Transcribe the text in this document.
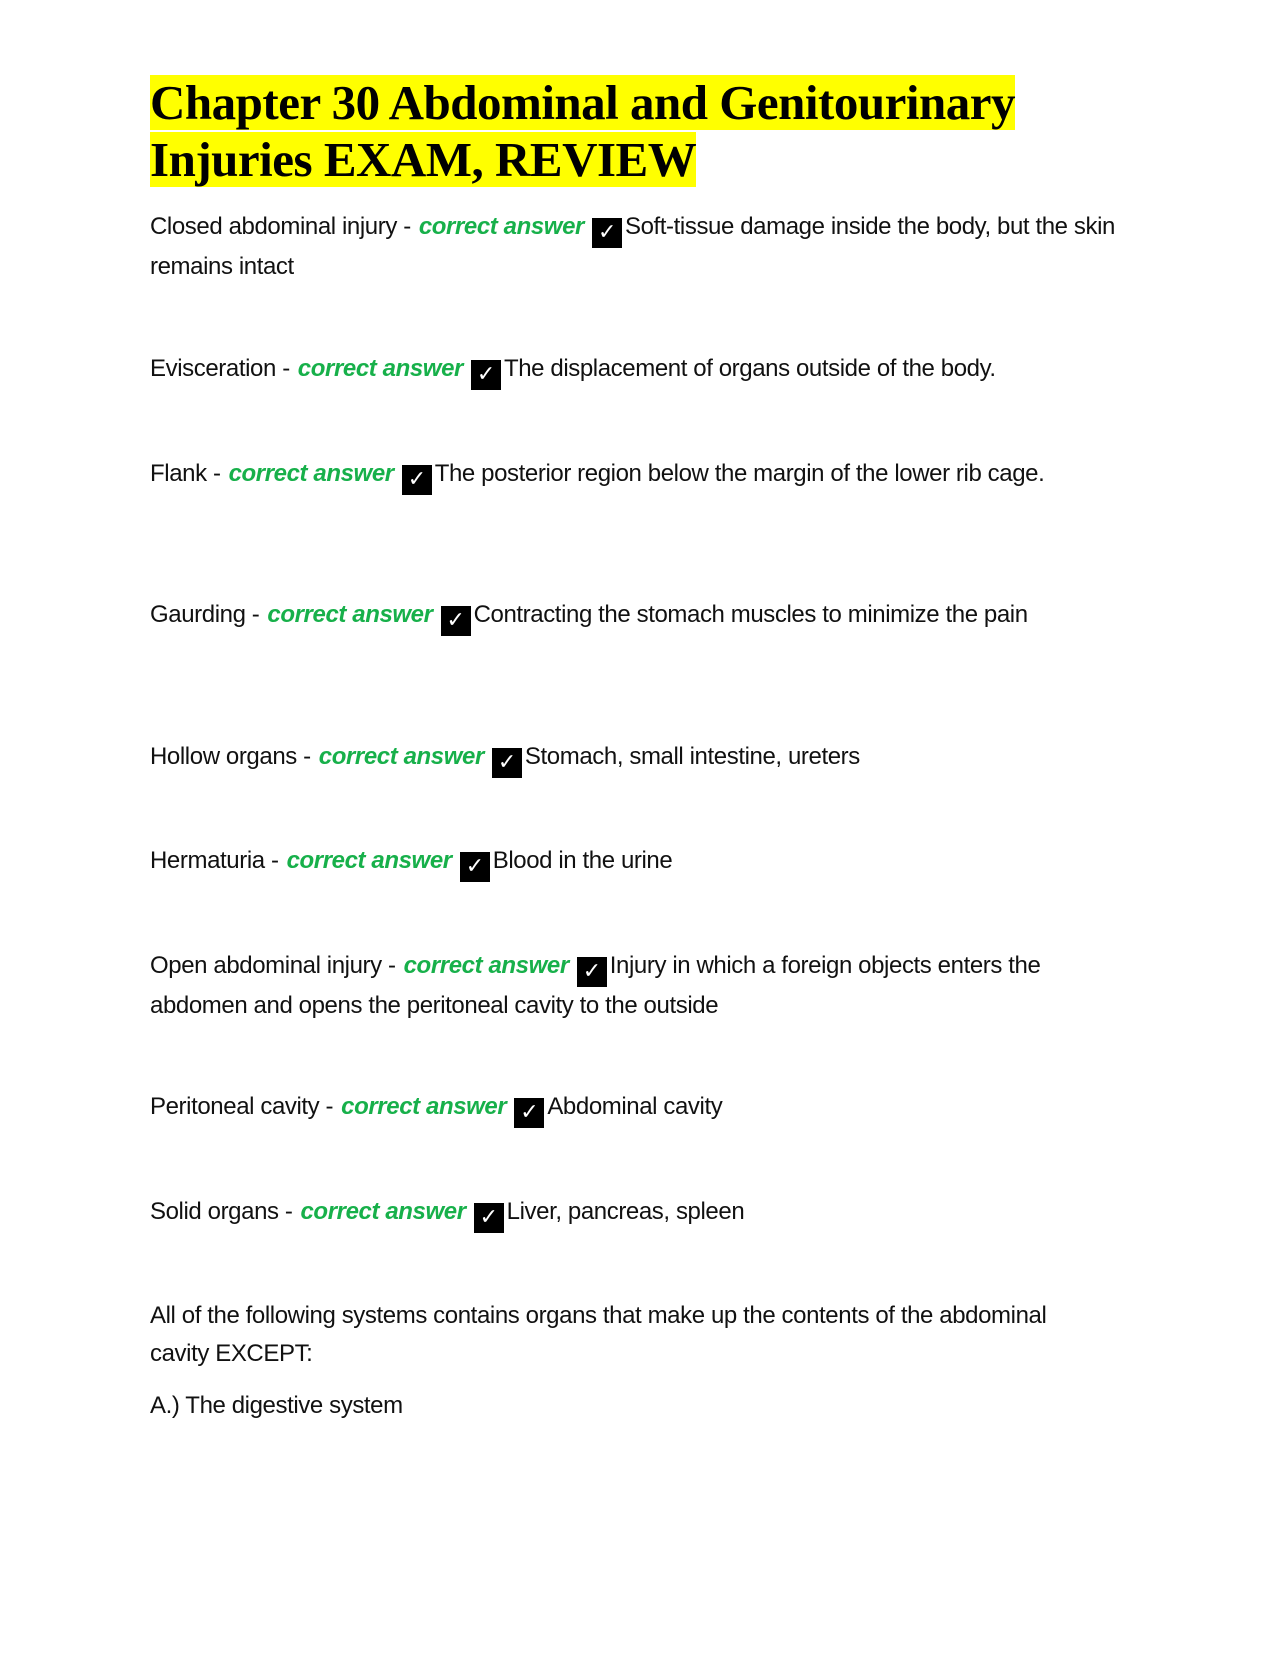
Chapter 30 Abdominal and Genitourinary
Injuries EXAM, REVIEW
Closed abdominal injury - correct answer ✓ Soft-tissue damage inside the body, but the skin remains intact
Evisceration - correct answer ✓ The displacement of organs outside of the body.
Flank - correct answer ✓ The posterior region below the margin of the lower rib cage.
Gaurding - correct answer ✓ Contracting the stomach muscles to minimize the pain
Hollow organs - correct answer ✓ Stomach, small intestine, ureters
Hermaturia - correct answer ✓ Blood in the urine
Open abdominal injury - correct answer ✓ Injury in which a foreign objects enters the abdomen and opens the peritoneal cavity to the outside
Peritoneal cavity - correct answer ✓ Abdominal cavity
Solid organs - correct answer ✓ Liver, pancreas, spleen
All of the following systems contains organs that make up the contents of the abdominal cavity EXCEPT:
A.) The digestive system
